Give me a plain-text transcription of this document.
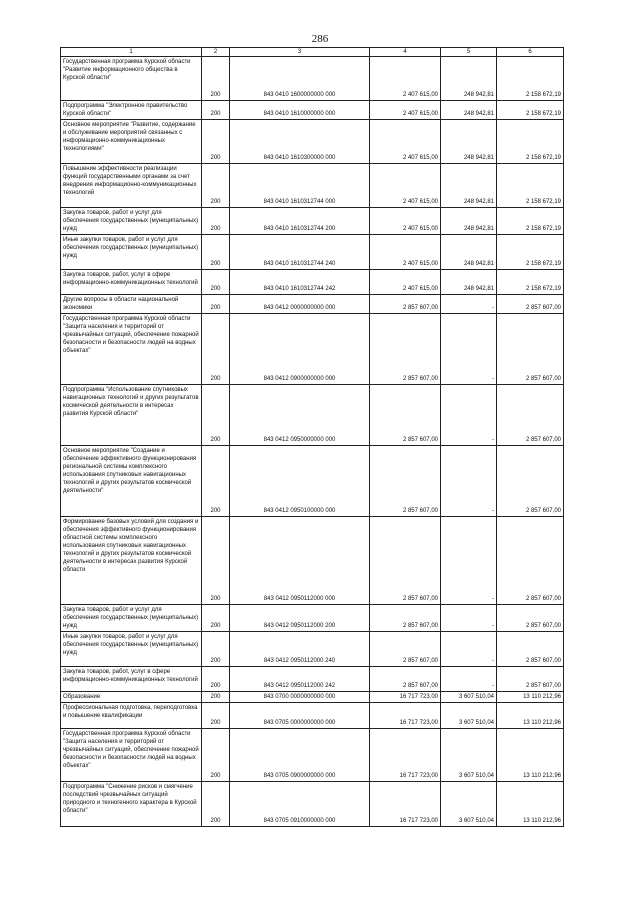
286
1	2	3	4	5	6
Государственная программа Курской области "Развитие информационного общества в Курской области"	200	843 0410 1600000000 000	2 407 615,00	248 942,81	2 158 672,19
Подпрограмма "Электронное правительство Курской области"	200	843 0410 1610000000 000	2 407 615,00	248 942,81	2 158 672,19
Основное мероприятие "Развитие, содержание и обслуживание мероприятий связанных с информационно-коммуникационных технологиями"	200	843 0410 1610300000 000	2 407 615,00	248 942,81	2 158 672,19
Повышение эффективности реализации функций государственными органами за счет внедрения информационно-коммуникационных технологий	200	843 0410 1610312744 000	2 407 615,00	248 942,81	2 158 672,19
Закупка товаров, работ и услуг для обеспечения государственных (муниципальных) нужд	200	843 0410 1610312744 200	2 407 615,00	248 942,81	2 158 672,19
Иные закупки товаров, работ и услуг для обеспечения государственных (муниципальных) нужд	200	843 0410 1610312744 240	2 407 615,00	248 942,81	2 158 672,19
Закупка товаров, работ, услуг в сфере информационно-коммуникационных технологий	200	843 0410 1610312744 242	2 407 615,00	248 942,81	2 158 672,19
Другие вопросы в области национальной экономики	200	843 0412 0000000000 000	2 857 607,00	-	2 857 607,00
Государственная программа Курской области "Защита населения и территорий от чрезвычайных ситуаций, обеспечение пожарной безопасности и безопасности людей на водных объектах"	200	843 0412 0900000000 000	2 857 607,00	-	2 857 607,00
Подпрограмма "Использование спутниковых навигационных технологий и других результатов космической деятельности в интересах развития Курской области"	200	843 0412 0950000000 000	2 857 607,00	-	2 857 607,00
Основное мероприятие "Создание и обеспечение эффективного функционирования региональной системы комплексного использования спутниковых навигационных технологий и других результатов космической деятельности"	200	843 0412 0950100000 000	2 857 607,00	-	2 857 607,00
Формирование базовых условий для создания и обеспечения эффективного функционирования областной системы комплексного использования спутниковых навигационных технологий и других результатов космической деятельности в интересах развития Курской области	200	843 0412 0950112000 000	2 857 607,00	-	2 857 607,00
Закупка товаров, работ и услуг для обеспечения государственных (муниципальных) нужд	200	843 0412 0950112000 200	2 857 607,00	-	2 857 607,00
Иные закупки товаров, работ и услуг для обеспечения государственных (муниципальных) нужд	200	843 0412 0950112000 240	2 857 607,00	-	2 857 607,00
Закупка товаров, работ, услуг в сфере информационно-коммуникационных технологий	200	843 0412 0950112000 242	2 857 607,00	-	2 857 607,00
Образование	200	843 0700 0000000000 000	16 717 723,00	3 607 510,04	13 110 212,96
Профессиональная подготовка, переподготовка и повышение квалификации	200	843 0705 0000000000 000	16 717 723,00	3 607 510,04	13 110 212,96
Государственная программа Курской области "Защита населения и территорий от чрезвычайных ситуаций, обеспечение пожарной безопасности и безопасности людей на водных объектах"	200	843 0705 0900000000 000	16 717 723,00	3 607 510,04	13 110 212,96
Подпрограмма "Снижение рисков и смягчение последствий чрезвычайных ситуаций природного и техногенного характера в Курской области"	200	843 0705 0910000000 000	16 717 723,00	3 607 510,04	13 110 212,96
